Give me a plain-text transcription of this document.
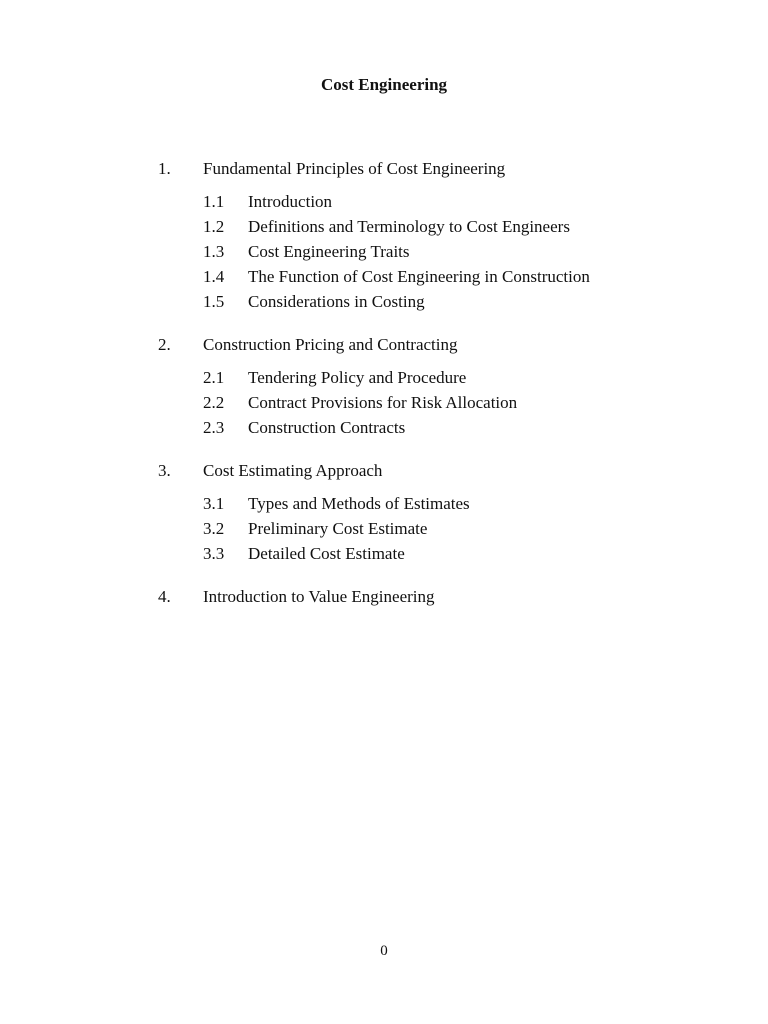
Cost Engineering
1. Fundamental Principles of Cost Engineering
1.1 Introduction
1.2 Definitions and Terminology to Cost Engineers
1.3 Cost Engineering Traits
1.4 The Function of Cost Engineering in Construction
1.5 Considerations in Costing
2. Construction Pricing and Contracting
2.1 Tendering Policy and Procedure
2.2 Contract Provisions for Risk Allocation
2.3 Construction Contracts
3. Cost Estimating Approach
3.1 Types and Methods of Estimates
3.2 Preliminary Cost Estimate
3.3 Detailed Cost Estimate
4. Introduction to Value Engineering
0
